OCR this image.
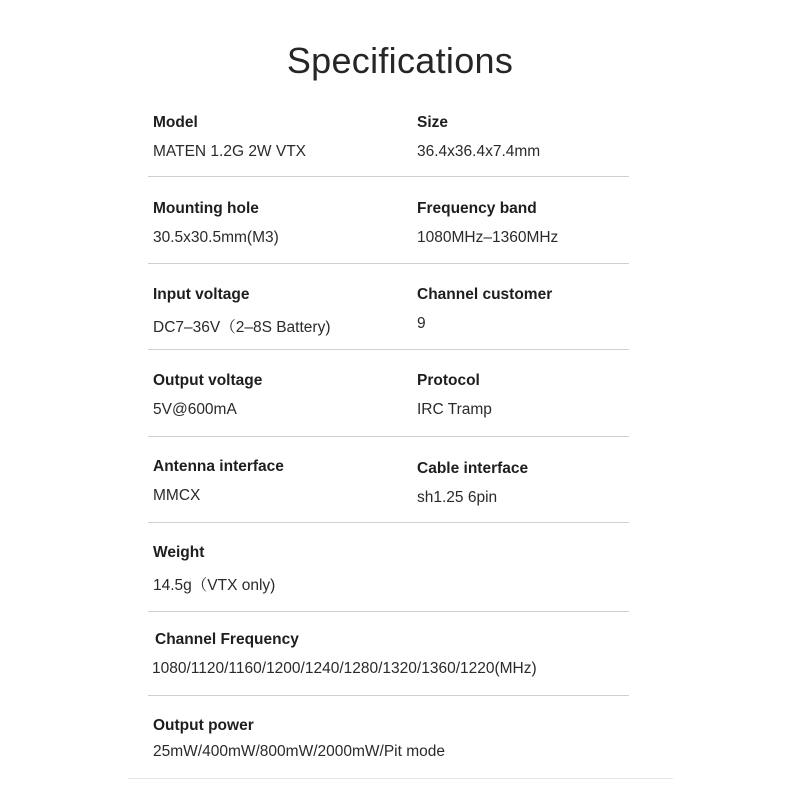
Specifications
Model
MATEN 1.2G 2W VTX
Size
36.4x36.4x7.4mm
Mounting hole
30.5x30.5mm(M3)
Frequency band
1080MHz–1360MHz
Input voltage
DC7–36V（2–8S Battery)
Channel customer
9
Output voltage
5V@600mA
Protocol
IRC Tramp
Antenna interface
MMCX
Cable interface
sh1.25 6pin
Weight
14.5g（VTX only)
Channel Frequency
1080/1120/1160/1200/1240/1280/1320/1360/1220(MHz)
Output power
25mW/400mW/800mW/2000mW/Pit mode
